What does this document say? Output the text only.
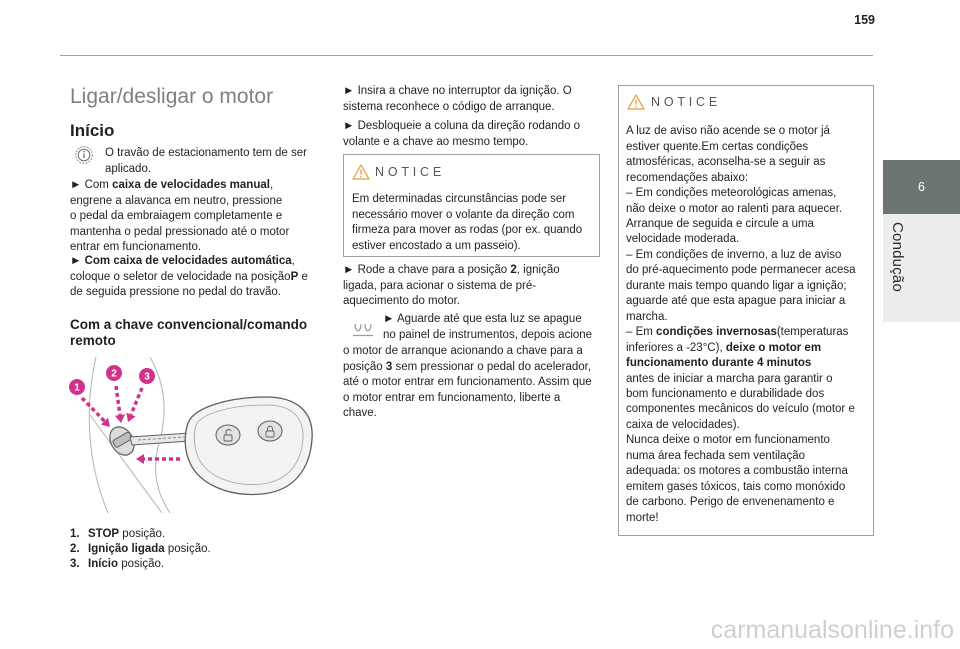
159
6
Condução
Ligar/desligar o motor
Início
O travão de estacionamento tem de ser
aplicado.
► Com caixa de velocidades manual,
engrene a alavanca em neutro, pressione
o pedal da embraiagem completamente e
mantenha o pedal pressionado até o motor
entrar em funcionamento.
► Com caixa de velocidades automática,
coloque o seletor de velocidade na posiçãoP e
de seguida pressione no pedal do travão.
Com a chave convencional/comando
remoto
1
2	3
1. STOP posição.
2. Ignição ligada posição.
3. Início posição.
► Insira a chave no interruptor da ignição. O
sistema reconhece o código de arranque.
► Desbloqueie a coluna da direção rodando o
volante e a chave ao mesmo tempo.
NOTICE
Em determinadas circunstâncias pode ser
necessário mover o volante da direção com
firmeza para mover as rodas (por ex. quando
estiver encostado a um passeio).
► Rode a chave para a posição 2, ignição
ligada, para acionar o sistema de pré-
aquecimento do motor.
► Aguarde até que esta luz se apague
no painel de instrumentos, depois acione
o motor de arranque acionando a chave para a
posição 3 sem pressionar o pedal do acelerador,
até o motor entrar em funcionamento. Assim que
o motor entrar em funcionamento, liberte a
chave.
NOTICE
A luz de aviso não acende se o motor já
estiver quente.Em certas condições
atmosféricas, aconselha-se a seguir as
recomendações abaixo:
– Em condições meteorológicas amenas,
não deixe o motor ao ralenti para aquecer.
Arranque de seguida e circule a uma
velocidade moderada.
– Em condições de inverno, a luz de aviso
do pré-aquecimento pode permanecer acesa
durante mais tempo quando ligar a ignição;
aguarde até que esta apague para iniciar a
marcha.
– Em condições invernosas(temperaturas
inferiores a -23°C), deixe o motor em
funcionamento durante 4 minutos
antes de iniciar a marcha para garantir o
bom funcionamento e durabilidade dos
componentes mecânicos do veículo (motor e
caixa de velocidades).
Nunca deixe o motor em funcionamento
numa área fechada sem ventilação
adequada: os motores a combustão interna
emitem gases tóxicos, tais como monóxido
de carbono. Perigo de envenenamento e
morte!
carmanualsonline.info
